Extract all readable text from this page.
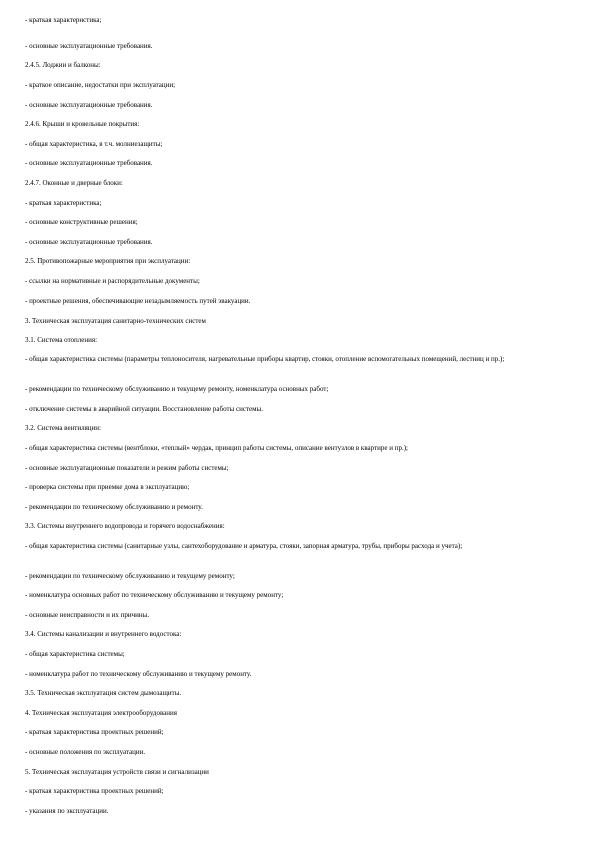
- краткая характеристика;
- основные эксплуатационные требования.
2.4.5. Лоджии и балконы:
- краткое описание, недостатки при эксплуатации;
- основные эксплуатационные требования.
2.4.6. Крыши и кровельные покрытия:
- общая характеристика, в т.ч. молниезащиты;
- основные эксплуатационные требования.
2.4.7. Оконные и дверные блоки:
- краткая характеристика;
- основные конструктивные решения;
- основные эксплуатационные требования.
2.5. Противопожарные мероприятия при эксплуатации:
- ссылки на нормативные и распорядительные документы;
- проектные решения, обеспечивающие незадымляемость путей эвакуации.
3. Техническая эксплуатация санитарно-технических систем
3.1. Система отопления:
- общая характеристика системы (параметры теплоносителя, нагревательные приборы квартир, стояки, отопление вспомогательных помещений, лестниц и пр.);
- рекомендации по техническому обслуживанию и текущему ремонту, номенклатура основных работ;
- отключение системы в аварийной ситуации. Восстановление работы системы.
3.2. Система вентиляции:
- общая характеристика системы (вентблоки, «теплый» чердак, принцип работы системы, описание вентузлов в квартире и пр.);
- основные эксплуатационные показатели и режим работы системы;
- проверка системы при приемке дома в эксплуатацию;
- рекомендации по техническому обслуживанию и ремонту.
3.3. Системы внутреннего водопровода и горячего водоснабжения:
- общая характеристика системы (санитарные узлы, сантехоборудование и арматура, стояки, запорная арматура, трубы, приборы расхода и учета);
- рекомендации по техническому обслуживанию и текущему ремонту;
- номенклатура основных работ по техническому обслуживанию и текущему ремонту;
- основные неисправности и их причины.
3.4. Системы канализации и внутреннего водостока:
- общая характеристика системы;
- номенклатура работ по техническому обслуживанию и текущему ремонту.
3.5. Техническая эксплуатация систем дымозащиты.
4. Техническая эксплуатация электрооборудования
- краткая характеристика проектных решений;
- основные положения по эксплуатации.
5. Техническая эксплуатация устройств связи и сигнализации
- краткая характеристика проектных решений;
- указания по эксплуатации.
